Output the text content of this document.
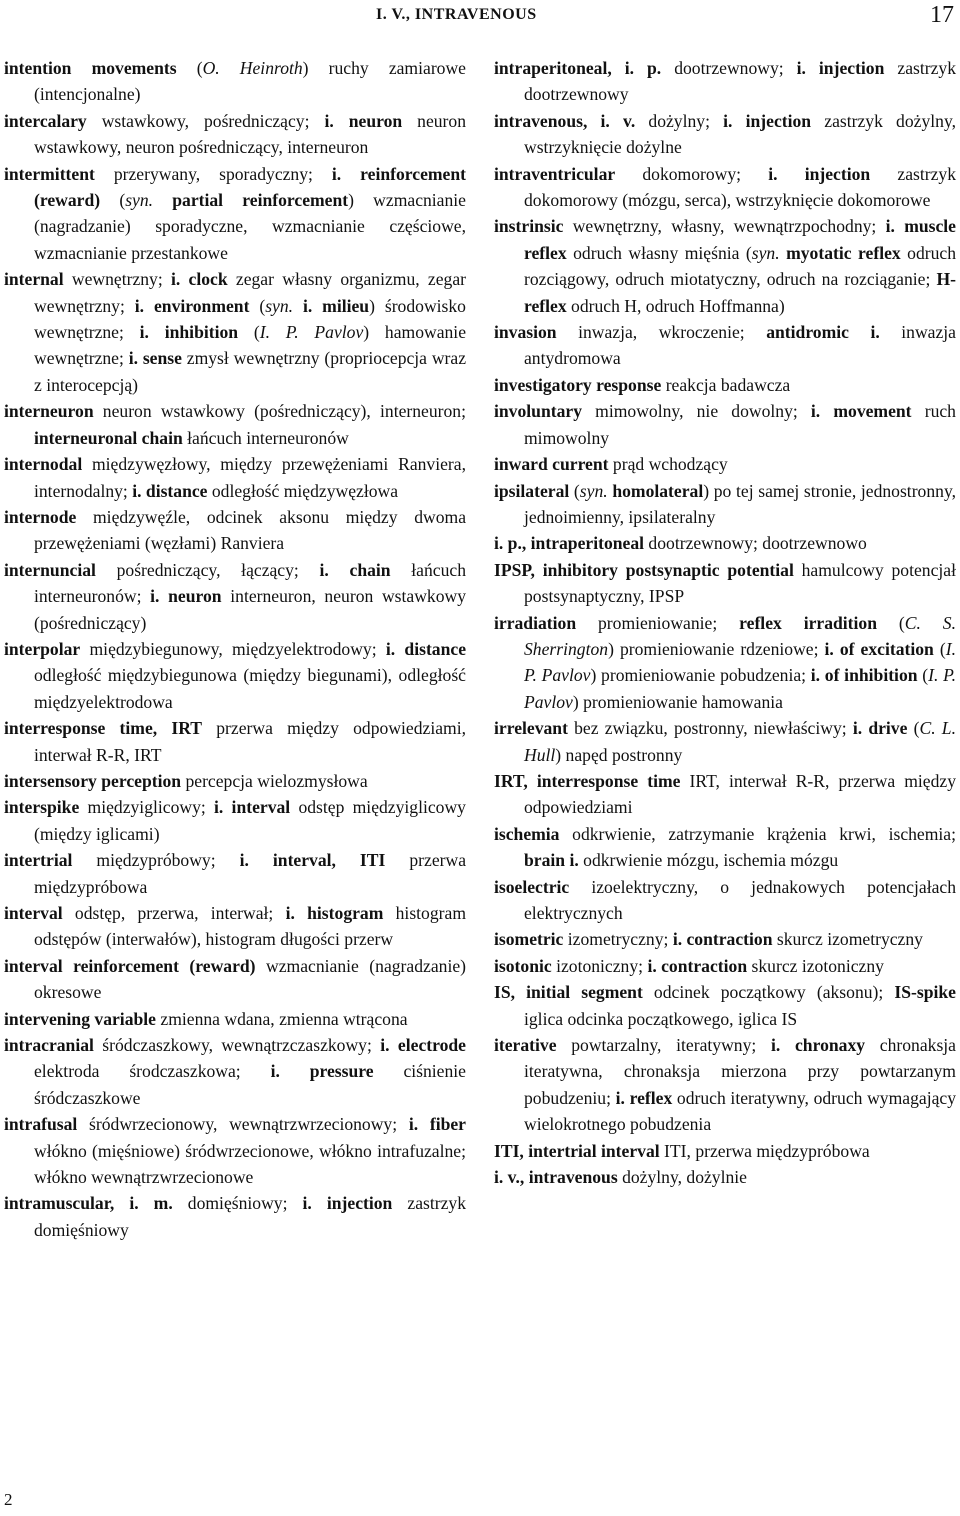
I. V., INTRAVENOUS	17
intention movements (O. Heinroth) ruchy zamiarowe (intencjonalne)
intercalary wstawkowy, pośredniczący; i. neuron neuron wstawkowy, neuron pośredniczący, interneuron
intermittent przerywany, sporadyczny; i. reinforcement (reward) (syn. partial reinforcement) wzmacnianie (nagradzanie) sporadyczne, wzmacnianie częściowe, wzmacnianie przestankowe
internal wewnętrzny; i. clock zegar własny organizmu, zegar wewnętrzny; i. environment (syn. i. milieu) środowisko wewnętrzne; i. inhibition (I. P. Pavlov) hamowanie wewnętrzne; i. sense zmysł wewnętrzny (propriocepcja wraz z interocepcją)
interneuron neuron wstawkowy (pośredniczący), interneuron; interneuronal chain łańcuch interneuronów
internodal międzywęzłowy, między przewężeniami Ranviera, internodalny; i. distance odległość międzywęzłowa
internode międzywęźle, odcinek aksonu między dwoma przewężeniami (węzłami) Ranviera
internuncial pośredniczący, łączący; i. chain łańcuch interneuronów; i. neuron interneuron, neuron wstawkowy (pośredniczący)
interpolar międzybiegunowy, międzyelektrodowy; i. distance odległość międzybiegunowa (między biegunami), odległość międzyelektrodowa
interresponse time, IRT przerwa między odpowiedziami, interwał R-R, IRT
intersensory perception percepcja wielozmysłowa
interspike międzyiglicowy; i. interval odstęp międzyiglicowy (między iglicami)
intertrial międzypróbowy; i. interval, ITI przerwa międzypróbowa
interval odstęp, przerwa, interwał; i. histogram histogram odstępów (interwałów), histogram długości przerw
interval reinforcement (reward) wzmacnianie (nagradzanie) okresowe
intervening variable zmienna wdana, zmienna wtrącona
intracranial śródczaszkowy, wewnątrzczaszkowy; i. electrode elektroda środczaszkowa; i. pressure ciśnienie śródczaszkowe
intrafusal śródwrzecionowy, wewnątrzwrzecionowy; i. fiber włókno (mięśniowe) śródwrzecionowe, włókno intrafuzalne; włókno wewnątrzwrzecionowe
intramuscular, i. m. domięśniowy; i. injection zastrzyk domięśniowy
intraperitoneal, i. p. dootrzewnowy; i. injection zastrzyk dootrzewnowy
intravenous, i. v. dożylny; i. injection zastrzyk dożylny, wstrzyknięcie dożylne
intraventricular dokomorowy; i. injection zastrzyk dokomorowy (mózgu, serca), wstrzyknięcie dokomorowe
instrinsic wewnętrzny, własny, wewnątrzpochodny; i. muscle reflex odruch własny mięśnia (syn. myotatic reflex odruch rozciągowy, odruch miotatyczny, odruch na rozciąganie; H-reflex odruch H, odruch Hoffmanna)
invasion inwazja, wkroczenie; antidromic i. inwazja antydromowa
investigatory response reakcja badawcza
involuntary mimowolny, nie dowolny; i. movement ruch mimowolny
inward current prąd wchodzący
ipsilateral (syn. homolateral) po tej samej stronie, jednostronny, jednoimienny, ipsilateralny
i. p., intraperitoneal dootrzewnowy; dootrzewnowo
IPSP, inhibitory postsynaptic potential hamulcowy potencjał postsynaptyczny, IPSP
irradiation promieniowanie; reflex irradition (C. S. Sherrington) promieniowanie rdzeniowe; i. of excitation (I. P. Pavlov) promieniowanie pobudzenia; i. of inhibition (I. P. Pavlov) promieniowanie hamowania
irrelevant bez związku, postronny, niewłaściwy; i. drive (C. L. Hull) napęd postronny
IRT, interresponse time IRT, interwał R-R, przerwa między odpowiedziami
ischemia odkrwienie, zatrzymanie krążenia krwi, ischemia; brain i. odkrwienie mózgu, ischemia mózgu
isoelectric izoelektryczny, o jednakowych potencjałach elektrycznych
isometric izometryczny; i. contraction skurcz izometryczny
isotonic izotoniczny; i. contraction skurcz izotoniczny
IS, initial segment odcinek początkowy (aksonu); IS-spike iglica odcinka początkowego, iglica IS
iterative powtarzalny, iteratywny; i. chronaxy chronaksja iteratywna, chronaksja mierzona przy powtarzanym pobudzeniu; i. reflex odruch iteratywny, odruch wymagający wielokrotnego pobudzenia
ITI, intertrial interval ITI, przerwa międzypróbowa
i. v., intravenous dożylny, dożylnie
2
